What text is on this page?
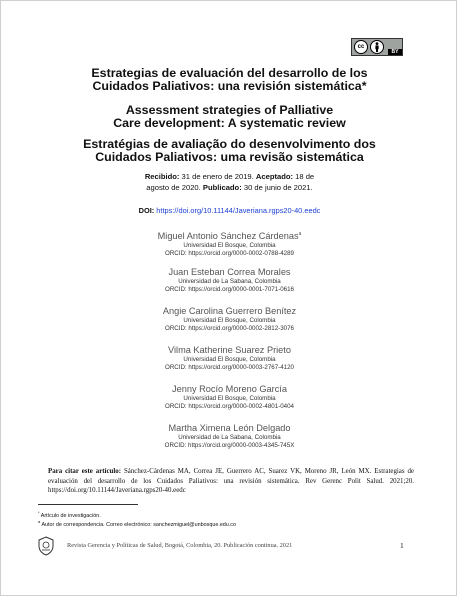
cc
BY
Estrategias de evaluación del desarrollo de los
Cuidados Paliativos: una revisión sistemática*
Assessment strategies of Palliative
Care development: A systematic review
Estratégias de avaliação do desenvolvimento dos
Cuidados Paliativos: uma revisão sistemática
Recibido: 31 de enero de 2019. Aceptado: 18 de
agosto de 2020. Publicado: 30 de junio de 2021.
DOI: https://doi.org/10.11144/Javeriana.rgps20-40.eedc
Miguel Antonio Sánchez Cárdenas$^a$
Universidad El Bosque, Colombia
ORCID: https://orcid.org/0000-0002-0788-4289
Juan Esteban Correa Morales
Universidad de La Sabana, Colombia
ORCID: https://orcid.org/0000-0001-7071-0616
Angie Carolina Guerrero Benítez
Universidad El Bosque, Colombia
ORCID: https://orcid.org/0000-0002-2812-3076
Vilma Katherine Suarez Prieto
Universidad El Bosque, Colombia
ORCID: https://orcid.org/0000-0003-2767-4120
Jenny Rocío Moreno García
Universidad El Bosque, Colombia
ORCID: https://orcid.org/0000-0002-4801-0404
Martha Ximena León Delgado
Universidad de La Sabana, Colombia
ORCID: https://orcid.org/0000-0003-4345-745X
Para citar este artículo: Sánchez-Cárdenas MA, Correa JE, Guerrero AC, Suarez VK, Moreno JR, León MX. Estrategias de evaluación del desarrollo de los Cuidados Paliativos: una revisión sistemática. Rev Gerenc Polit Salud. 2021;20. https://doi.org/10.11144/Javeriana.rgps20-40.eedc
* Artículo de investigación.
$^a$ Autor de correspondencia. Correo electrónico: sanchezmiguel@unbosque.edu.co
Revista Gerencia y Políticas de Salud, Bogotá, Colombia, 20. Publicación continua. 2021	1
